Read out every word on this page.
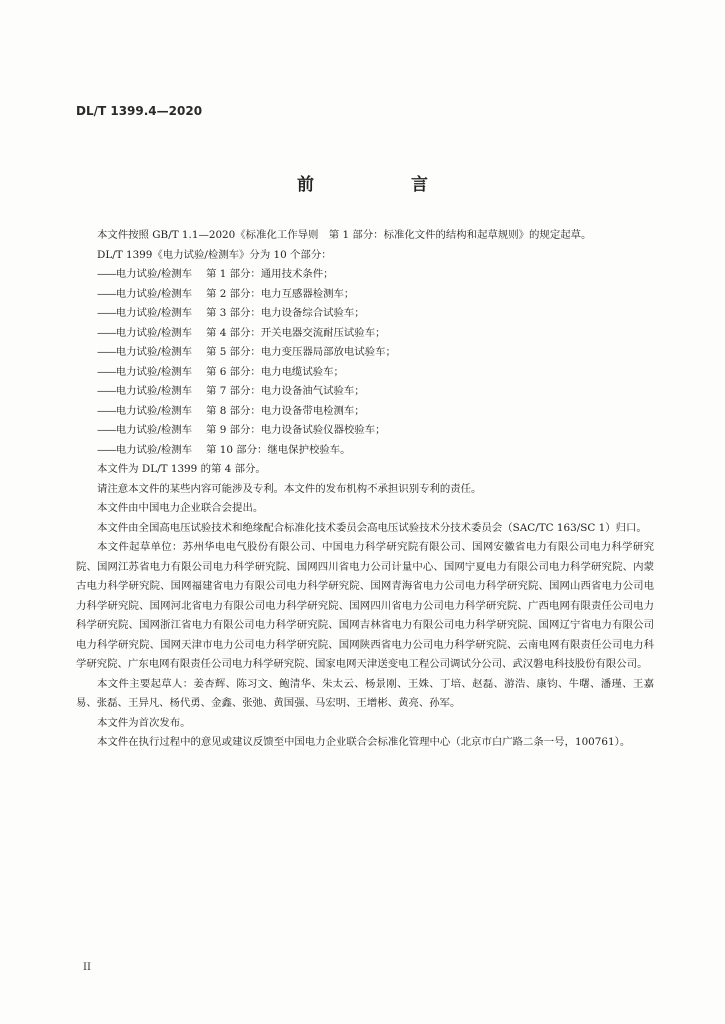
DL/T 1399.4—2020
前　言

本文件按照 GB/T 1.1—2020《标准化工作导则　第 1 部分：标准化文件的结构和起草规则》的规定起草。

DL/T 1399《电力试验/检测车》分为 10 个部分：

——电力试验/检测车 第 1 部分：通用技术条件；
——电力试验/检测车 第 2 部分：电力互感器检测车；
——电力试验/检测车 第 3 部分：电力设备综合试验车；
——电力试验/检测车 第 4 部分：开关电器交流耐压试验车；
——电力试验/检测车 第 5 部分：电力变压器局部放电试验车；
——电力试验/检测车 第 6 部分：电力电缆试验车；
——电力试验/检测车 第 7 部分：电力设备油气试验车；
——电力试验/检测车 第 8 部分：电力设备带电检测车；
——电力试验/检测车 第 9 部分：电力设备试验仪器校验车；
——电力试验/检测车 第 10 部分：继电保护校验车。

本文件为 DL/T 1399 的第 4 部分。

请注意本文件的某些内容可能涉及专利。本文件的发布机构不承担识别专利的责任。

本文件由中国电力企业联合会提出。

本文件由全国高电压试验技术和绝缘配合标准化技术委员会高电压试验技术分技术委员会（SAC/TC 163/SC 1）归口。

本文件起草单位：苏州华电电气股份有限公司、中国电力科学研究院有限公司、国网安徽省电力有限公司电力科学研究院、国网江苏省电力有限公司电力科学研究院、国网四川省电力公司计量中心、国网宁夏电力有限公司电力科学研究院、内蒙古电力科学研究院、国网福建省电力有限公司电力科学研究院、国网青海省电力公司电力科学研究院、国网山西省电力公司电力科学研究院、国网河北省电力有限公司电力科学研究院、国网四川省电力公司电力科学研究院、广西电网有限责任公司电力科学研究院、国网浙江省电力有限公司电力科学研究院、国网吉林省电力有限公司电力科学研究院、国网辽宁省电力有限公司电力科学研究院、国网天津市电力公司电力科学研究院、国网陕西省电力公司电力科学研究院、云南电网有限责任公司电力科学研究院、广东电网有限责任公司电力科学研究院、国家电网天津送变电工程公司调试分公司、武汉磐电科技股份有限公司。

本文件主要起草人：姜杏辉、陈习文、鲍清华、朱太云、杨景刚、王姝、丁培、赵磊、游浩、康钧、牛曙、潘瑾、王嘉易、张磊、王异凡、杨代勇、金鑫、张弛、黄国强、马宏明、王增彬、黄亮、孙军。

本文件为首次发布。

本文件在执行过程中的意见或建议反馈至中国电力企业联合会标准化管理中心（北京市白广路二条一号，100761）。

II
